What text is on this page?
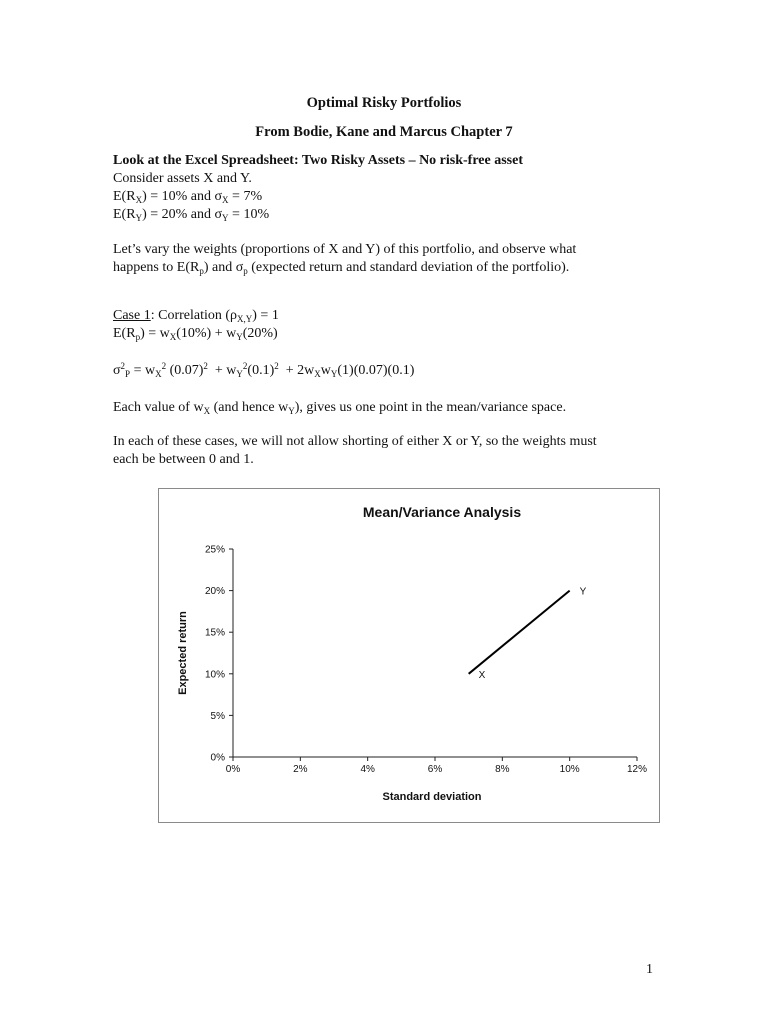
Optimal Risky Portfolios
From Bodie, Kane and Marcus Chapter 7
Look at the Excel Spreadsheet: Two Risky Assets – No risk-free asset
Consider assets X and Y.
$E(R_X) = 10\%$ and $\sigma_X = 7\%$
$E(R_Y) = 20\%$ and $\sigma_Y = 10\%$
Let’s vary the weights (proportions of X and Y) of this portfolio, and observe what
happens to $E(R_p)$ and $\sigma_p$ (expected return and standard deviation of the portfolio).
Case 1: Correlation $(\rho_{X,Y}) = 1$
$E(R_p) = w_X(10\%) + w_Y(20\%)$
$\sigma^2_P = w_X^2$ $(0.07)^2 + w_Y^2(0.1)^2 + 2w_Xw_Y(1)(0.07)(0.1)$
Each value of $w_X$ (and hence $w_Y$), gives us one point in the mean/variance space.
In each of these cases, we will not allow shorting of either X or Y, so the weights must
each be between 0 and 1.
Mean/Variance Analysis
Expected return
Standard deviation
0%
5%
10%
15%
20%
25%
0%	2%	4%	6%	8%	10%	12%
X
Y
1
